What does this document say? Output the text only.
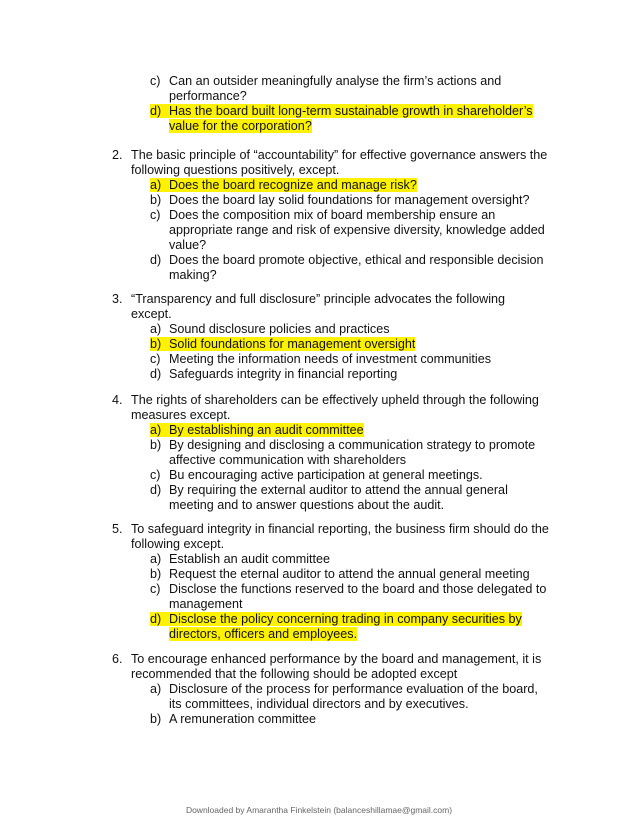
c) Can an outsider meaningfully analyse the firm’s actions and
performance?
d) Has the board built long-term sustainable growth in shareholder’s
value for the corporation?
2. The basic principle of “accountability” for effective governance answers the
following questions positively, except.
a) Does the board recognize and manage risk?
b) Does the board lay solid foundations for management oversight?
c) Does the composition mix of board membership ensure an
appropriate range and risk of expensive diversity, knowledge added
value?
d) Does the board promote objective, ethical and responsible decision
making?
3. “Transparency and full disclosure” principle advocates the following
except.
a) Sound disclosure policies and practices
b) Solid foundations for management oversight
c) Meeting the information needs of investment communities
d) Safeguards integrity in financial reporting
4. The rights of shareholders can be effectively upheld through the following
measures except.
a) By establishing an audit committee
b) By designing and disclosing a communication strategy to promote
affective communication with shareholders
c) Bu encouraging active participation at general meetings.
d) By requiring the external auditor to attend the annual general
meeting and to answer questions about the audit.
5. To safeguard integrity in financial reporting, the business firm should do the
following except.
a) Establish an audit committee
b) Request the eternal auditor to attend the annual general meeting
c) Disclose the functions reserved to the board and those delegated to
management
d) Disclose the policy concerning trading in company securities by
directors, officers and employees.
6. To encourage enhanced performance by the board and management, it is
recommended that the following should be adopted except
a) Disclosure of the process for performance evaluation of the board,
its committees, individual directors and by executives.
b) A remuneration committee
Downloaded by Amarantha Finkelstein (balanceshillamae@gmail.com)
